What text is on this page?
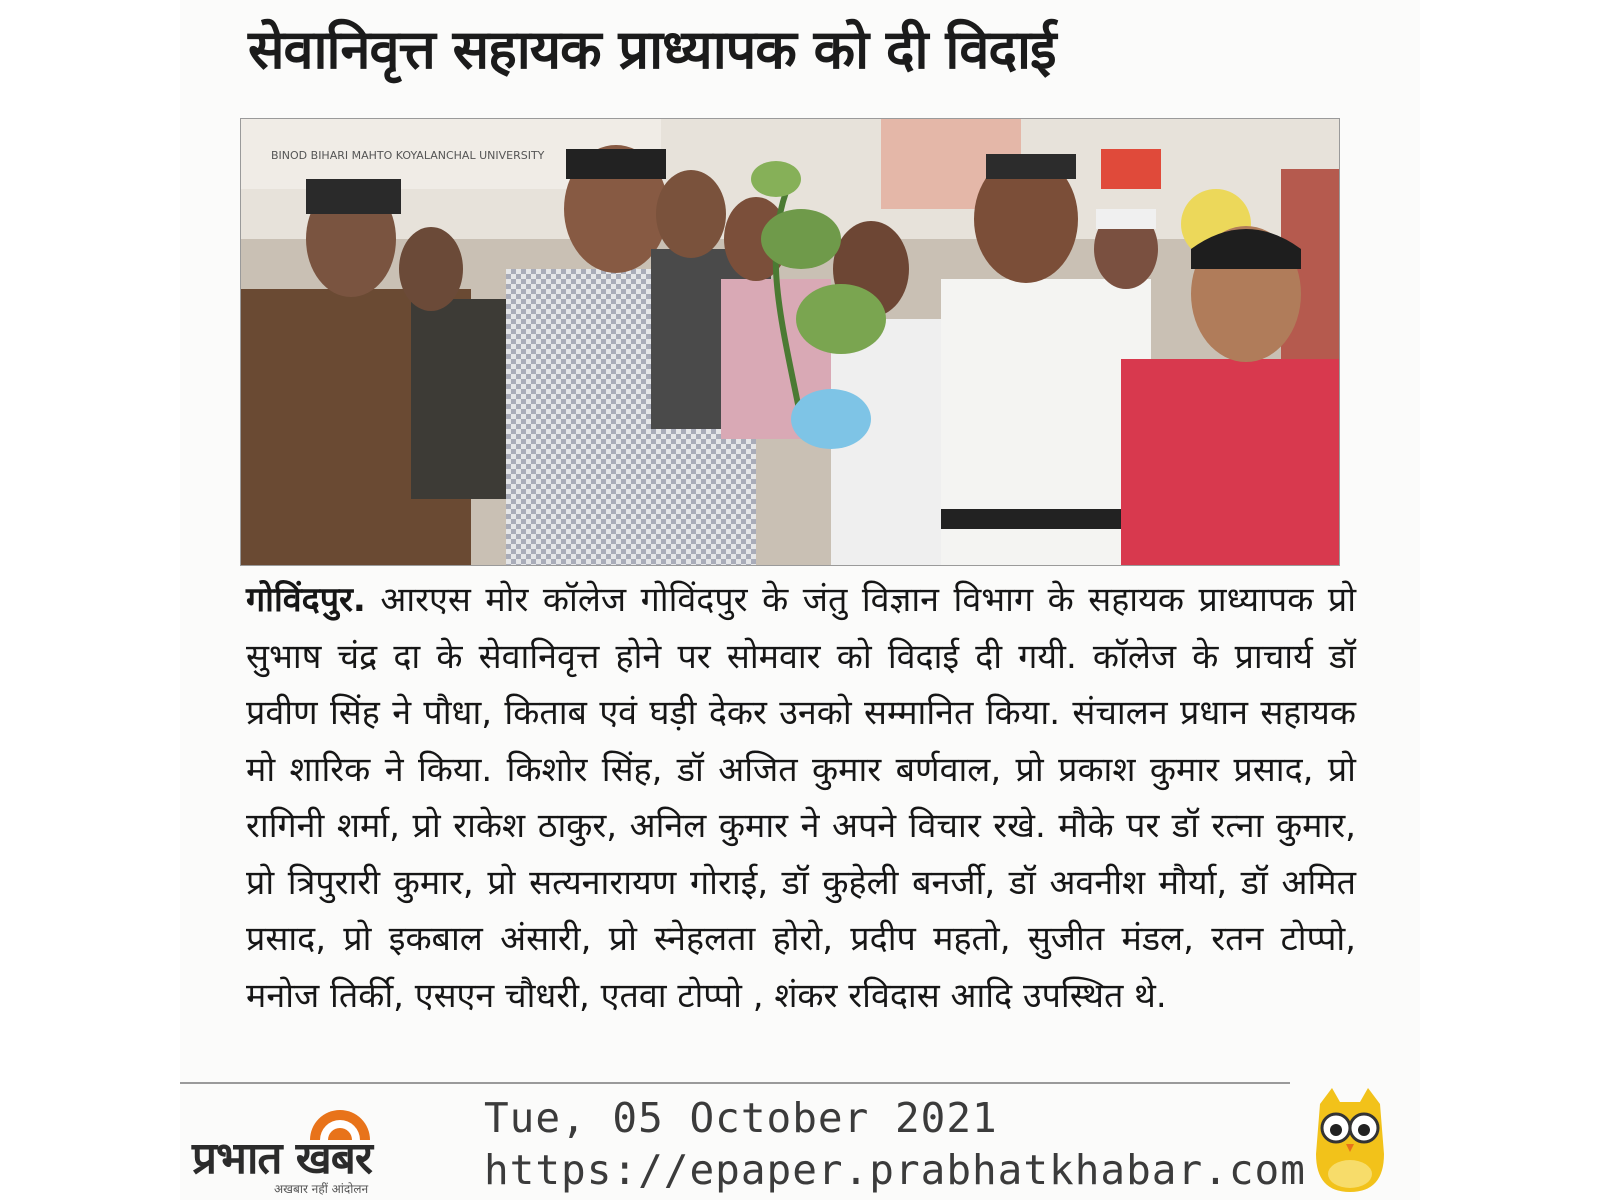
सेवानिवृत्त सहायक प्राध्यापक को दी विदाई
BINOD BIHARI MAHTO KOYALANCHAL UNIVERSITY
गोविंदपुर. आरएस मोर कॉलेज गोविंदपुर के जंतु विज्ञान विभाग के सहायक प्राध्यापक प्रो सुभाष चंद्र दा के सेवानिवृत्त होने पर सोमवार को विदाई दी गयी. कॉलेज के प्राचार्य डॉ प्रवीण सिंह ने पौधा, किताब एवं घड़ी देकर उनको सम्मानित किया. संचालन प्रधान सहायक मो शारिक ने किया. किशोर सिंह, डॉ अजित कुमार बर्णवाल, प्रो प्रकाश कुमार प्रसाद, प्रो रागिनी शर्मा, प्रो राकेश ठाकुर, अनिल कुमार ने अपने विचार रखे. मौके पर डॉ रत्ना कुमार, प्रो त्रिपुरारी कुमार, प्रो सत्यनारायण गोराई, डॉ कुहेली बनर्जी, डॉ अवनीश मौर्या, डॉ अमित प्रसाद, प्रो इकबाल अंसारी, प्रो स्नेहलता होरो, प्रदीप महतो, सुजीत मंडल, रतन टोप्पो, मनोज तिर्की, एसएन चौधरी, एतवा टोप्पो , शंकर रविदास आदि उपस्थित थे.
प्रभात खबर
अखबार नहीं आंदोलन
Tue, 05 October 2021
https://epaper.prabhatkhabar.com
